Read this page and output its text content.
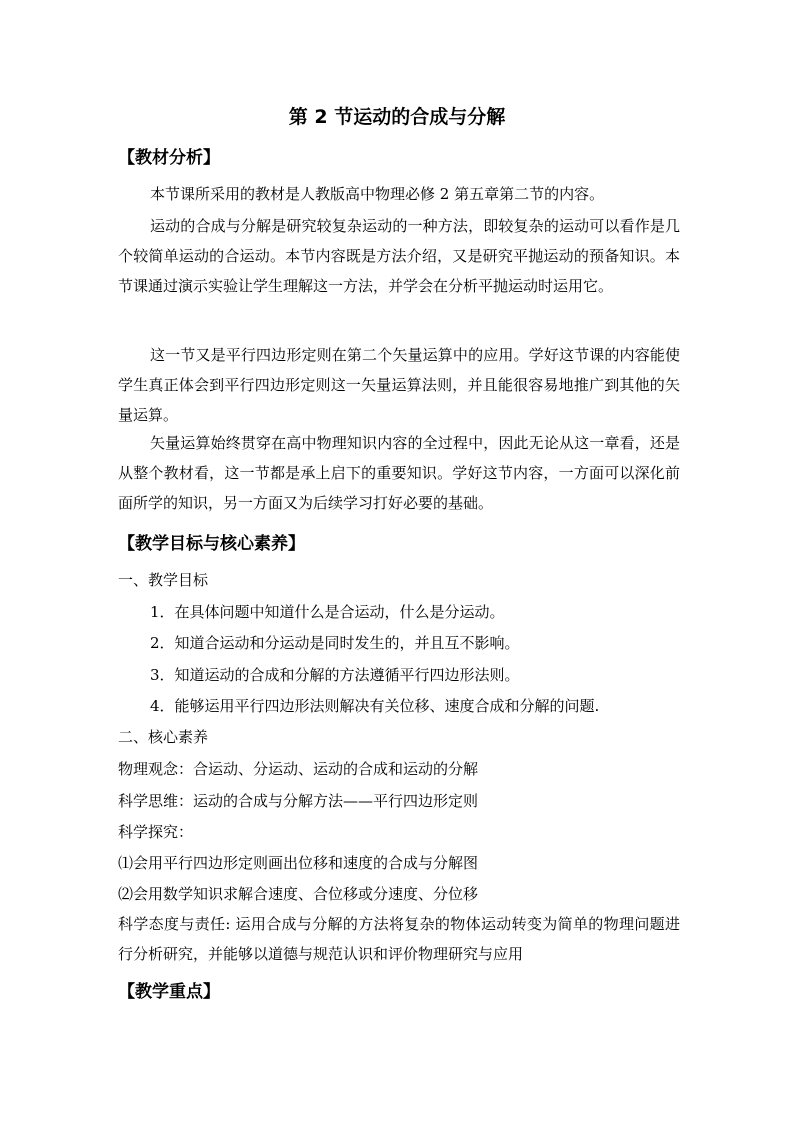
第 2 节运动的合成与分解
【教材分析】

本节课所采用的教材是人教版高中物理必修 2 第五章第二节的内容。

运动的合成与分解是研究较复杂运动的一种方法，即较复杂的运动可以看作是几个较简单运动的合运动。本节内容既是方法介绍，又是研究平抛运动的预备知识。本节课通过演示实验让学生理解这一方法，并学会在分析平抛运动时运用它。

这一节又是平行四边形定则在第二个矢量运算中的应用。学好这节课的内容能使学生真正体会到平行四边形定则这一矢量运算法则，并且能很容易地推广到其他的矢量运算。

矢量运算始终贯穿在高中物理知识内容的全过程中，因此无论从这一章看，还是从整个教材看，这一节都是承上启下的重要知识。学好这节内容，一方面可以深化前面所学的知识，另一方面又为后续学习打好必要的基础。

【教学目标与核心素养】

一、教学目标

1．在具体问题中知道什么是合运动，什么是分运动。

2．知道合运动和分运动是同时发生的，并且互不影响。

3．知道运动的合成和分解的方法遵循平行四边形法则。

4．能够运用平行四边形法则解决有关位移、速度合成和分解的问题.

二、核心素养

物理观念：合运动、分运动、运动的合成和运动的分解

科学思维：运动的合成与分解方法——平行四边形定则

科学探究：

⑴会用平行四边形定则画出位移和速度的合成与分解图

⑵会用数学知识求解合速度、合位移或分速度、分位移

科学态度与责任: 运用合成与分解的方法将复杂的物体运动转变为简单的物理问题进行分析研究，并能够以道德与规范认识和评价物理研究与应用

【教学重点】
